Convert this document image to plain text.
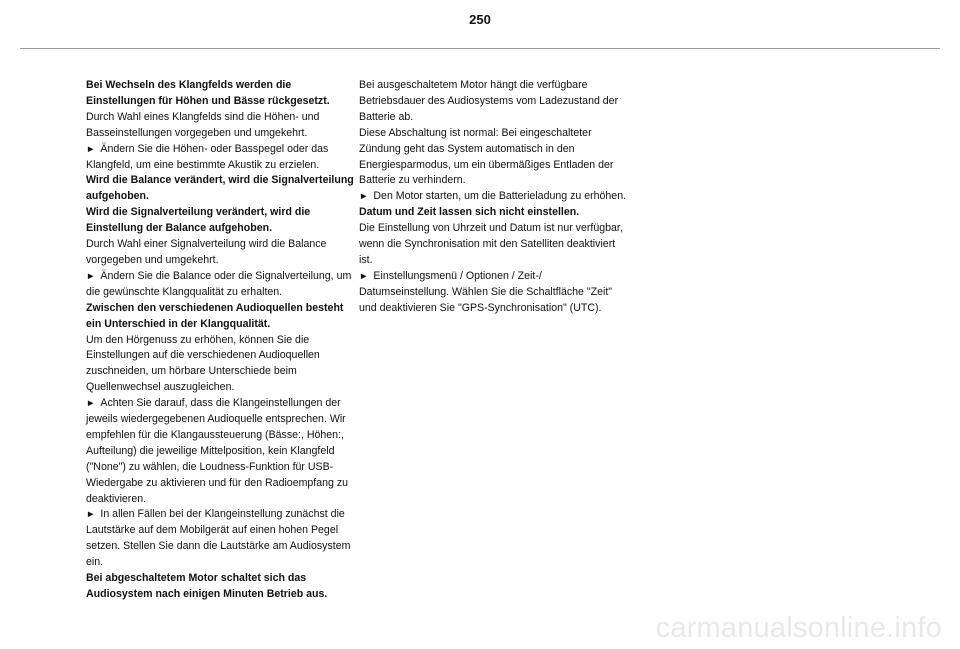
250

Bei Wechseln des Klangfelds werden die Einstellungen für Höhen und Bässe rückgesetzt.

Durch Wahl eines Klangfelds sind die Höhen- und Basseinstellungen vorgegeben und umgekehrt.

► Ändern Sie die Höhen- oder Basspegel oder das Klangfeld, um eine bestimmte Akustik zu erzielen.

Wird die Balance verändert, wird die Signalverteilung aufgehoben.

Wird die Signalverteilung verändert, wird die Einstellung der Balance aufgehoben.

Durch Wahl einer Signalverteilung wird die Balance vorgegeben und umgekehrt.

► Ändern Sie die Balance oder die Signalverteilung, um die gewünschte Klangqualität zu erhalten.

Zwischen den verschiedenen Audioquellen besteht ein Unterschied in der Klangqualität.

Um den Hörgenuss zu erhöhen, können Sie die Einstellungen auf die verschiedenen Audioquellen zuschneiden, um hörbare Unterschiede beim Quellenwechsel auszugleichen.

► Achten Sie darauf, dass die Klangeinstellungen der jeweils wiedergegebenen Audioquelle entsprechen. Wir empfehlen für die Klangaussteuerung (Bässe:, Höhen:, Aufteilung) die jeweilige Mittelposition, kein Klangfeld ("None") zu wählen, die Loudness-Funktion für USB-Wiedergabe zu aktivieren und für den Radioempfang zu deaktivieren.

► In allen Fällen bei der Klangeinstellung zunächst die Lautstärke auf dem Mobilgerät auf einen hohen Pegel setzen. Stellen Sie dann die Lautstärke am Audiosystem ein.

Bei abgeschaltetem Motor schaltet sich das Audiosystem nach einigen Minuten Betrieb aus.

Bei ausgeschaltetem Motor hängt die verfügbare Betriebsdauer des Audiosystems vom Ladezustand der Batterie ab.

Diese Abschaltung ist normal: Bei eingeschalteter Zündung geht das System automatisch in den Energiesparmodus, um ein übermäßiges Entladen der Batterie zu verhindern.

► Den Motor starten, um die Batterieladung zu erhöhen.

Datum und Zeit lassen sich nicht einstellen.

Die Einstellung von Uhrzeit und Datum ist nur verfügbar, wenn die Synchronisation mit den Satelliten deaktiviert ist.

► Einstellungsmenü / Optionen / Zeit-/ Datumseinstellung. Wählen Sie die Schaltfläche "Zeit" und deaktivieren Sie "GPS-Synchronisation" (UTC).

carmanualsonline.info
